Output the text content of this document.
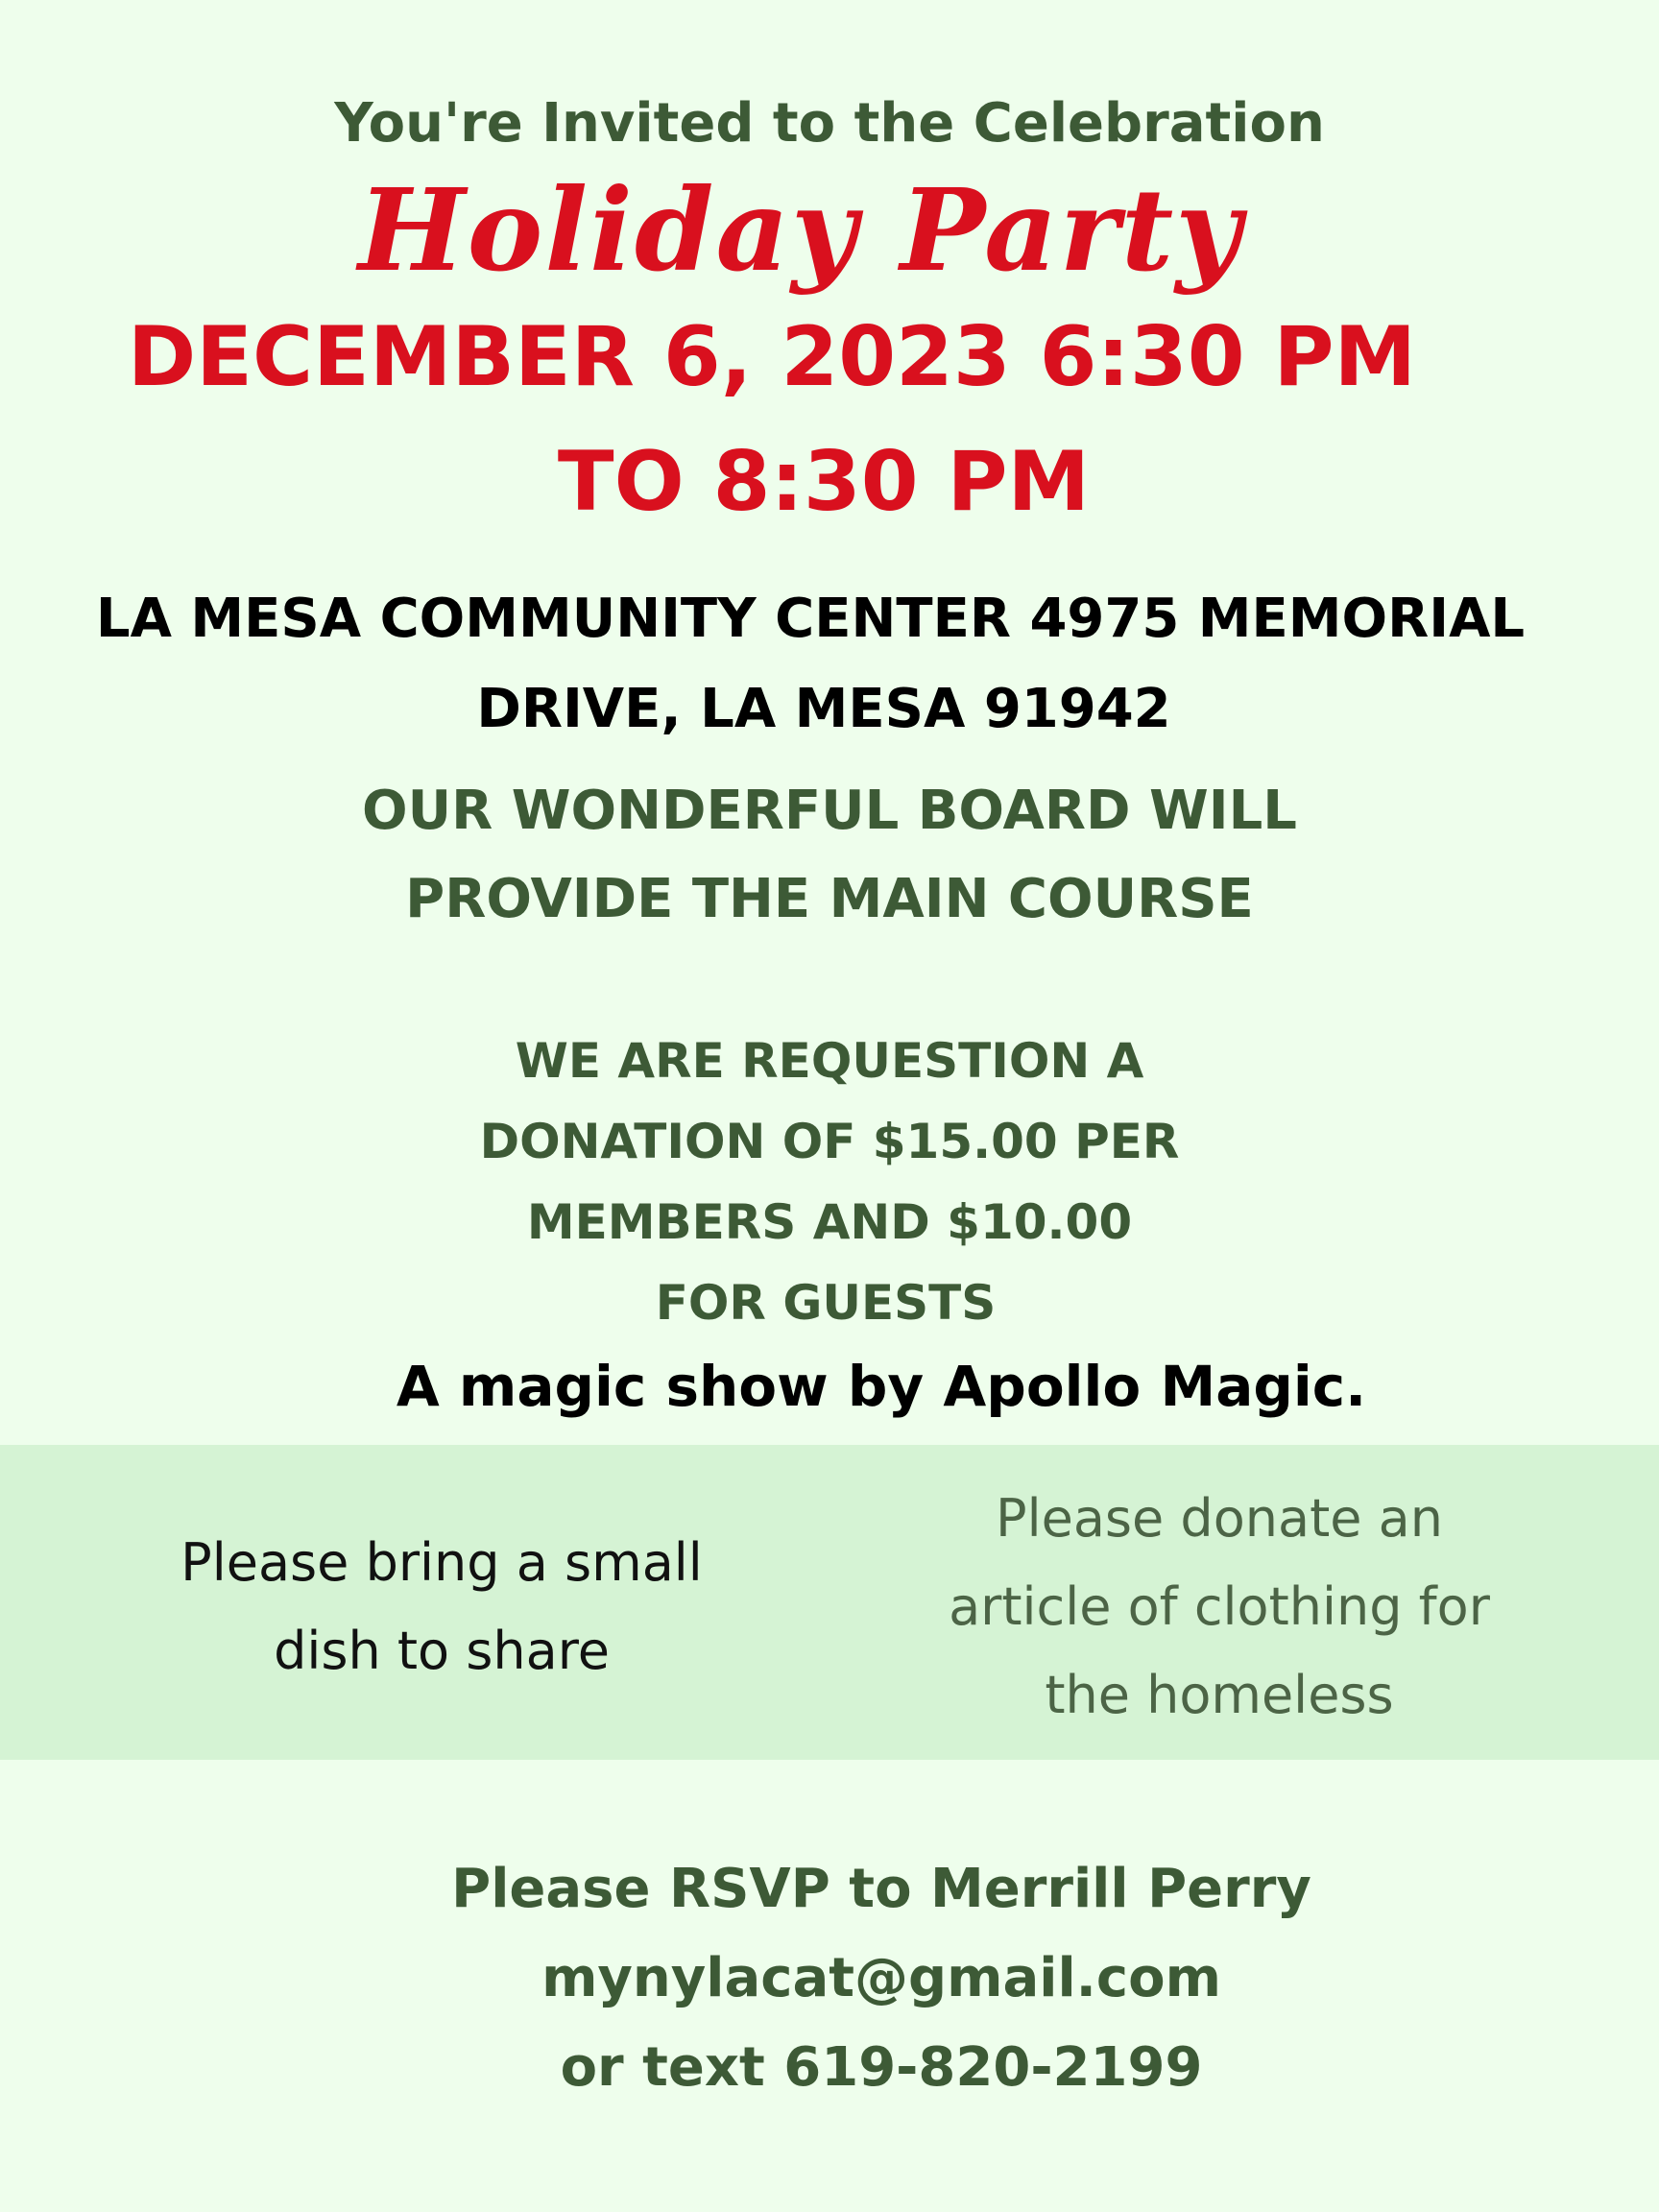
You're Invited to the Celebration

Holiday Party

DECEMBER 6, 2023 6:30 PM

TO 8:30 PM

LA MESA COMMUNITY CENTER 4975 MEMORIAL

DRIVE, LA MESA 91942

OUR WONDERFUL BOARD WILL

PROVIDE THE MAIN COURSE

WE ARE REQUESTION A

DONATION OF $15.00 PER

MEMBERS AND $10.00

FOR GUESTS

A magic show by Apollo Magic.

Please bring a small
dish to share
Please donate an
article of clothing for
the homeless

Please RSVP to Merrill Perry

mynylacat@gmail.com

or text 619-820-2199
